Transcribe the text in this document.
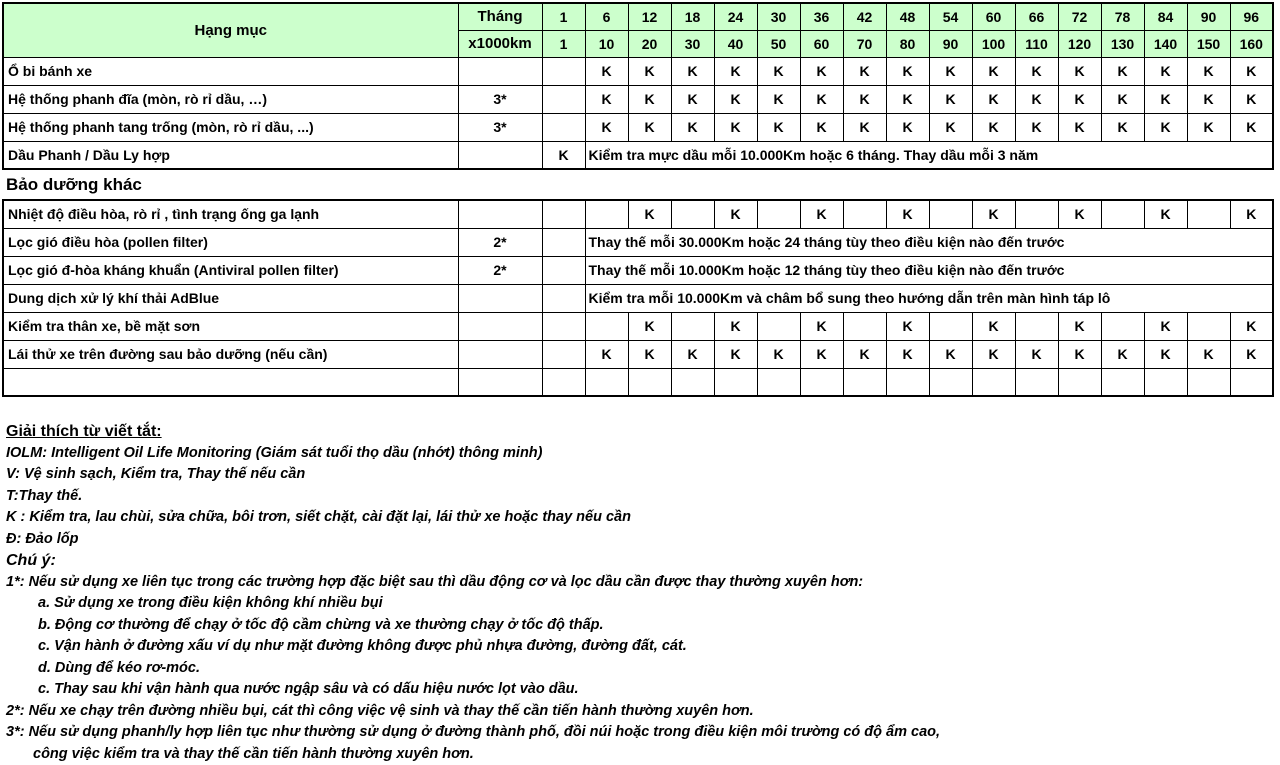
Hạng mục	Tháng	1	6	12	18	24	30	36	42	48	54	60	66	72	78	84	90	96
	x1000km	1	10	20	30	40	50	60	70	80	90	100	110	120	130	140	150	160
Ổ bi bánh xe			K	K	K	K	K	K	K	K	K	K	K	K	K	K	K	K
Hệ thống phanh đĩa (mòn, rò rỉ dầu, …)	3*		K	K	K	K	K	K	K	K	K	K	K	K	K	K	K	K
Hệ thống phanh tang trống (mòn, rò rỉ dầu, ...)	3*		K	K	K	K	K	K	K	K	K	K	K	K	K	K	K	K
Dầu Phanh / Dầu Ly hợp		K	Kiểm tra mực dầu mỗi 10.000Km hoặc 6 tháng. Thay dầu mỗi 3 năm															
Bảo dưỡng khác
Nhiệt độ điều hòa, rò rỉ , tình trạng ống ga lạnh				K		K		K		K		K		K		K		K
Lọc gió điều hòa (pollen filter)	2*		Thay thế mỗi 30.000Km hoặc 24 tháng tùy theo điều kiện nào đến trước															
Lọc gió đ-hòa kháng khuẩn (Antiviral pollen filter)	2*		Thay thế mỗi 10.000Km hoặc 12 tháng tùy theo điều kiện nào đến trước															
Dung dịch xử lý khí thải AdBlue			Kiểm tra mỗi 10.000Km và châm bổ sung theo hướng dẫn trên màn hình táp lô															
Kiểm tra thân xe, bề mặt sơn				K		K		K		K		K		K		K		K
Lái thử xe trên đường sau bảo dưỡng (nếu cần)			K	K	K	K	K	K	K	K	K	K	K	K	K	K	K	K

Giải thích từ viết tắt:
IOLM: Intelligent Oil Life Monitoring (Giám sát tuổi thọ dầu (nhớt) thông minh)
V: Vệ sinh sạch, Kiểm tra, Thay thế nếu cần
T:Thay thế.
K : Kiểm tra, lau chùi, sửa chữa, bôi trơn, siết chặt, cài đặt lại, lái thử xe hoặc thay nếu cần
Đ: Đảo lốp
Chú ý:
1*: Nếu sử dụng xe liên tục trong các trường hợp đặc biệt sau thì dầu động cơ và lọc dầu cần được thay thường xuyên hơn:
a. Sử dụng xe trong điều kiện không khí nhiều bụi
b. Động cơ thường để chạy ở tốc độ cầm chừng và xe thường chạy ở tốc độ thấp.
c. Vận hành ở đường xấu ví dụ như mặt đường không được phủ nhựa đường, đường đất, cát.
d. Dùng để kéo rơ-móc.
c. Thay sau khi vận hành qua nước ngập sâu và có dấu hiệu nước lọt vào dầu.
2*: Nếu xe chạy trên đường nhiều bụi, cát thì công việc vệ sinh và thay thế cần tiến hành thường xuyên hơn.
3*: Nếu sử dụng phanh/ly hợp liên tục như thường sử dụng ở đường thành phố, đồi núi hoặc trong điều kiện môi trường có độ ẩm cao,
công việc kiểm tra và thay thế cần tiến hành thường xuyên hơn.
